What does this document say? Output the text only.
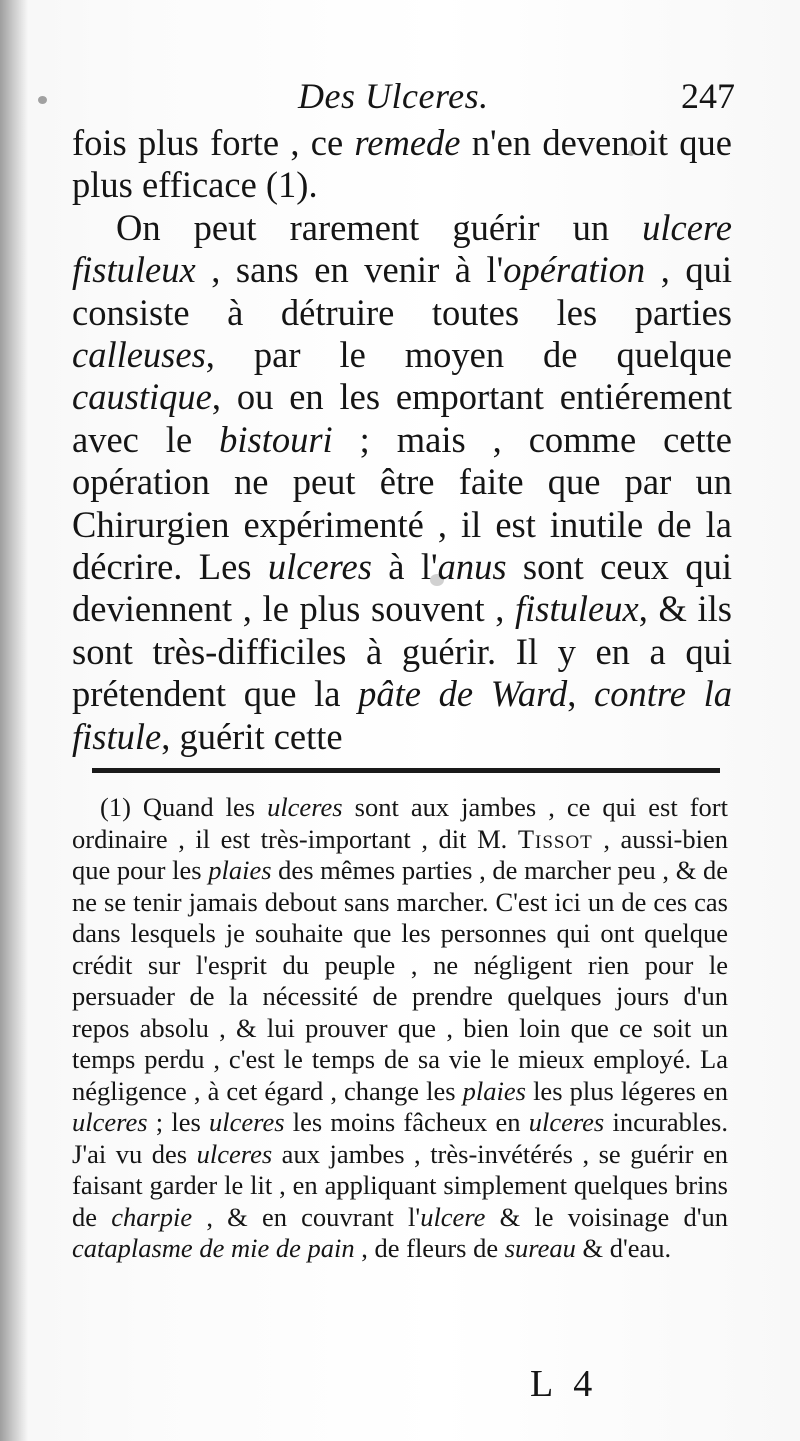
Des Ulceres.	247

fois plus forte , ce remede n'en devenoit que plus efficace (1).

On peut rarement guérir un ulcere fistuleux , sans en venir à l'opération , qui consiste à détruire toutes les parties calleuses, par le moyen de quelque caustique, ou en les emportant entiérement avec le bistouri ; mais , comme cette opération ne peut être faite que par un Chirurgien expérimenté , il est inutile de la décrire. Les ulceres à l'anus sont ceux qui deviennent , le plus souvent , fistuleux, & ils sont très-difficiles à guérir. Il y en a qui prétendent que la pâte de Ward, contre la fistule, guérit cette

(1) Quand les ulceres sont aux jambes , ce qui est fort ordinaire , il est très-important , dit M. Tissot , aussi-bien que pour les plaies des mêmes parties , de marcher peu , & de ne se tenir jamais debout sans marcher. C'est ici un de ces cas dans lesquels je souhaite que les personnes qui ont quelque crédit sur l'esprit du peuple , ne négligent rien pour le persuader de la nécessité de prendre quelques jours d'un repos absolu , & lui prouver que , bien loin que ce soit un temps perdu , c'est le temps de sa vie le mieux employé. La négligence , à cet égard , change les plaies les plus légeres en ulceres ; les ulceres les moins fâcheux en ulceres incurables. J'ai vu des ulceres aux jambes , très-invétérés , se guérir en faisant garder le lit , en appliquant simplement quelques brins de charpie , & en couvrant l'ulcere & le voisinage d'un cataplasme de mie de pain , de fleurs de sureau & d'eau.

L 4
